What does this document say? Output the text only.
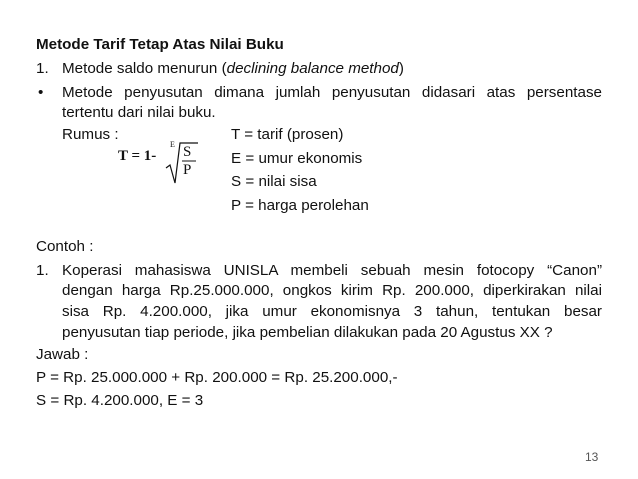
Metode Tarif Tetap Atas Nilai Buku
1. Metode saldo menurun (declining balance method)
• Metode penyusutan dimana jumlah penyusutan didasari atas persentase
tertentu dari nilai buku.
Rumus :
T = 1-
E S
P
T = tarif (prosen)
E = umur ekonomis
S = nilai sisa
P = harga perolehan
Contoh :
1. Koperasi mahasiswa UNISLA membeli sebuah mesin fotocopy “Canon”
dengan harga Rp.25.000.000, ongkos kirim Rp. 200.000, diperkirakan nilai
sisa Rp. 4.200.000, jika umur ekonomisnya 3 tahun, tentukan besar
penyusutan tiap periode, jika pembelian dilakukan pada 20 Agustus XX ?
Jawab :
P = Rp. 25.000.000 + Rp. 200.000 = Rp. 25.200.000,-
S = Rp. 4.200.000, E = 3
13
